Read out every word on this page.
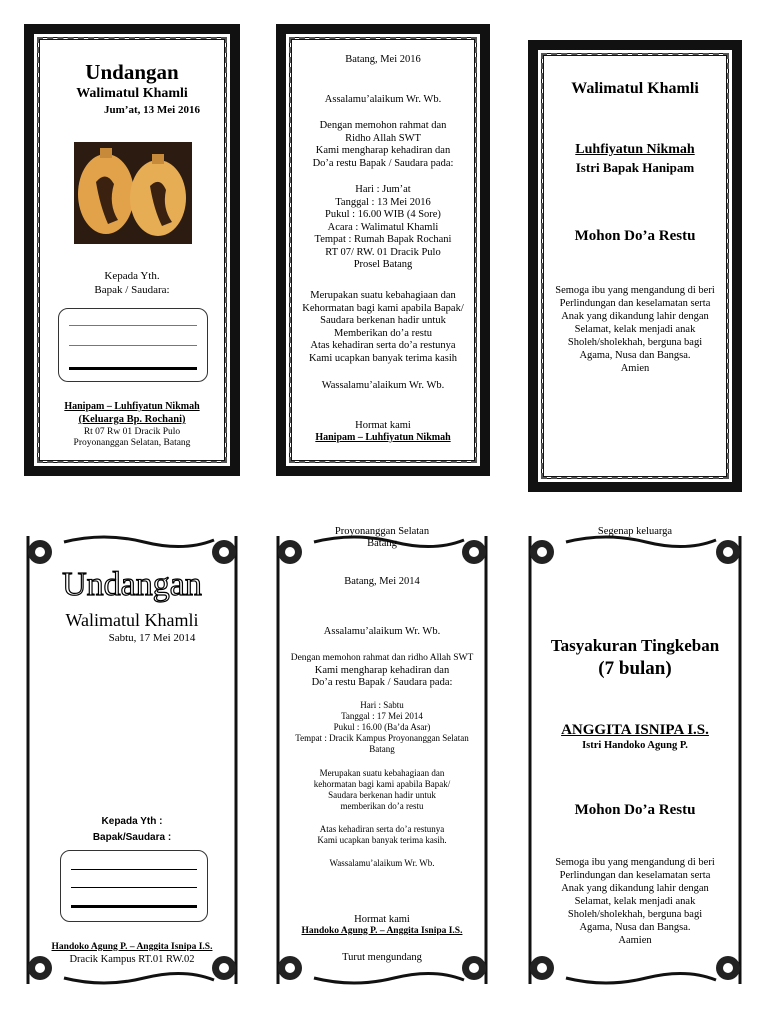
Undangan
Walimatul Khamli
Jum’at, 13 Mei 2016
Kepada Yth.
Bapak / Saudara:
Hanipam – Luhfiyatun Nikmah
(Keluarga Bp. Rochani)
Rt 07 Rw 01 Dracik Pulo
Proyonanggan Selatan, Batang
Batang, Mei 2016
Assalamu’alaikum Wr. Wb.
Dengan memohon rahmat dan
Ridho Allah SWT
Kami mengharap kehadiran dan
Do’a restu Bapak / Saudara pada:
Hari : Jum’at
Tanggal : 13 Mei 2016
Pukul : 16.00 WIB (4 Sore)
Acara : Walimatul Khamli
Tempat : Rumah Bapak Rochani
RT 07/ RW. 01 Dracik Pulo
Prosel Batang
Merupakan suatu kebahagiaan dan
Kehormatan bagi kami apabila Bapak/
Saudara berkenan hadir untuk
Memberikan do’a restu
Atas kehadiran serta do’a restunya
Kami ucapkan banyak terima kasih
Wassalamu’alaikum Wr. Wb.
Hormat kami
Hanipam – Luhfiyatun Nikmah
Walimatul Khamli
Luhfiyatun Nikmah
Istri Bapak Hanipam
Mohon Do’a Restu
Semoga ibu yang mengandung di beri
Perlindungan dan keselamatan serta
Anak yang dikandung lahir dengan
Selamat, kelak menjadi anak
Sholeh/sholekhah, berguna bagi
Agama, Nusa dan Bangsa.
Amien
Undangan
Walimatul Khamli
Sabtu, 17 Mei 2014
Kepada Yth :
Bapak/Saudara :
Handoko Agung P. – Anggita Isnipa I.S.
Dracik Kampus RT.01 RW.02
Proyonanggan Selatan
Batang
Batang, Mei 2014
Assalamu’alaikum Wr. Wb.
Dengan memohon rahmat dan ridho Allah SWT
Kami mengharap kehadiran dan
Do’a restu Bapak / Saudara pada:
Hari : Sabtu
Tanggal : 17 Mei 2014
Pukul : 16.00 (Ba’da Asar)
Tempat : Dracik Kampus Proyonanggan Selatan
Batang
Merupakan suatu kebahagiaan dan
kehormatan bagi kami apabila Bapak/
Saudara berkenan hadir untuk
memberikan do’a restu
Atas kehadiran serta do’a restunya
Kami ucapkan banyak terima kasih.
Wassalamu’alaikum Wr. Wb.
Hormat kami
Handoko Agung P. – Anggita Isnipa I.S.
Turut mengundang
Segenap keluarga
Tasyakuran Tingkeban
(7 bulan)
ANGGITA ISNIPA I.S.
Istri Handoko Agung P.
Mohon Do’a Restu
Semoga ibu yang mengandung di beri
Perlindungan dan keselamatan serta
Anak yang dikandung lahir dengan
Selamat, kelak menjadi anak
Sholeh/sholekhah, berguna bagi
Agama, Nusa dan Bangsa.
Aamien
